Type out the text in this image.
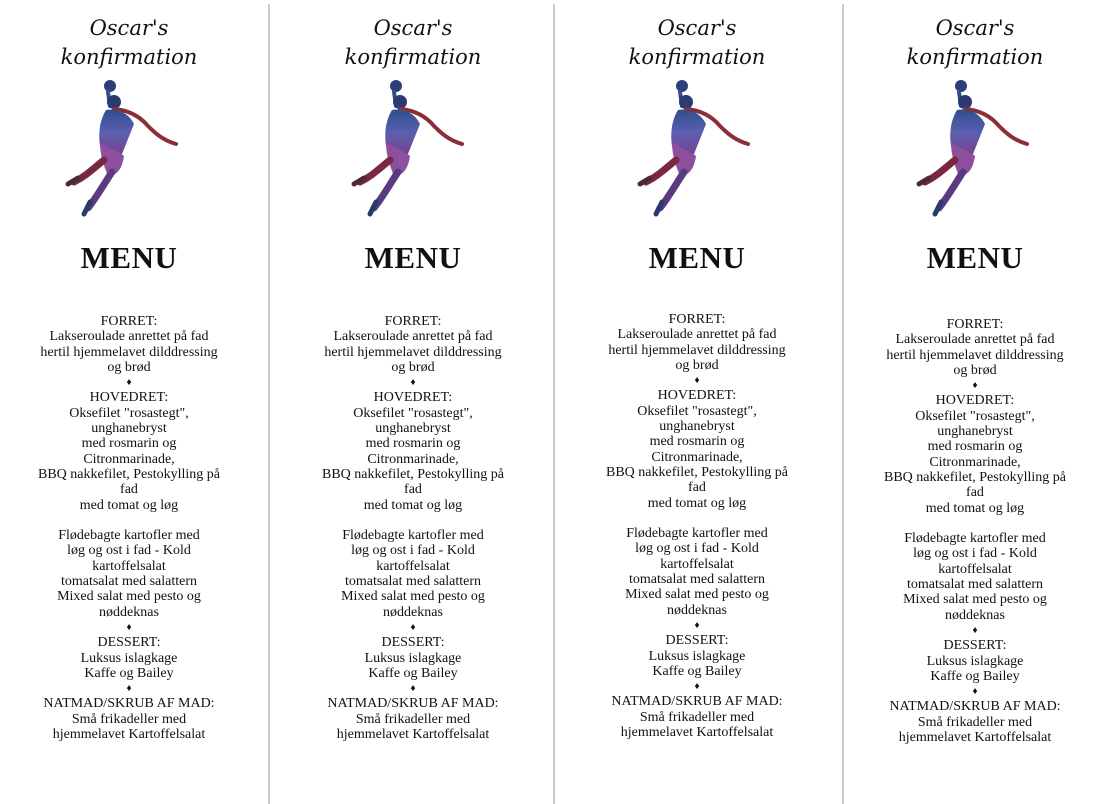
Oscar's
konfirmation
MENU
FORRET:
Lakseroulade anrettet på fad
hertil hjemmelavet dilddressing
og brød
♦
HOVEDRET:
Oksefilet "rosastegt",
unghanebryst
med rosmarin og
Citronmarinade,
BBQ nakkefilet, Pestokylling på
fad
med tomat og løg
Flødebagte kartofler med
løg og ost i fad - Kold
kartoffelsalat
tomatsalat med salattern
Mixed salat med pesto og
nøddeknas
♦
DESSERT:
Luksus islagkage
Kaffe og Bailey
♦
NATMAD/SKRUB AF MAD:
Små frikadeller med
hjemmelavet Kartoffelsalat
Oscar's
konfirmation
MENU
FORRET:
Lakseroulade anrettet på fad
hertil hjemmelavet dilddressing
og brød
♦
HOVEDRET:
Oksefilet "rosastegt",
unghanebryst
med rosmarin og
Citronmarinade,
BBQ nakkefilet, Pestokylling på
fad
med tomat og løg
Flødebagte kartofler med
løg og ost i fad - Kold
kartoffelsalat
tomatsalat med salattern
Mixed salat med pesto og
nøddeknas
♦
DESSERT:
Luksus islagkage
Kaffe og Bailey
♦
NATMAD/SKRUB AF MAD:
Små frikadeller med
hjemmelavet Kartoffelsalat
Oscar's
konfirmation
MENU
FORRET:
Lakseroulade anrettet på fad
hertil hjemmelavet dilddressing
og brød
♦
HOVEDRET:
Oksefilet "rosastegt",
unghanebryst
med rosmarin og
Citronmarinade,
BBQ nakkefilet, Pestokylling på
fad
med tomat og løg
Flødebagte kartofler med
løg og ost i fad - Kold
kartoffelsalat
tomatsalat med salattern
Mixed salat med pesto og
nøddeknas
♦
DESSERT:
Luksus islagkage
Kaffe og Bailey
♦
NATMAD/SKRUB AF MAD:
Små frikadeller med
hjemmelavet Kartoffelsalat
Oscar's
konfirmation
MENU
FORRET:
Lakseroulade anrettet på fad
hertil hjemmelavet dilddressing
og brød
♦
HOVEDRET:
Oksefilet "rosastegt",
unghanebryst
med rosmarin og
Citronmarinade,
BBQ nakkefilet, Pestokylling på
fad
med tomat og løg
Flødebagte kartofler med
løg og ost i fad - Kold
kartoffelsalat
tomatsalat med salattern
Mixed salat med pesto og
nøddeknas
♦
DESSERT:
Luksus islagkage
Kaffe og Bailey
♦
NATMAD/SKRUB AF MAD:
Små frikadeller med
hjemmelavet Kartoffelsalat
